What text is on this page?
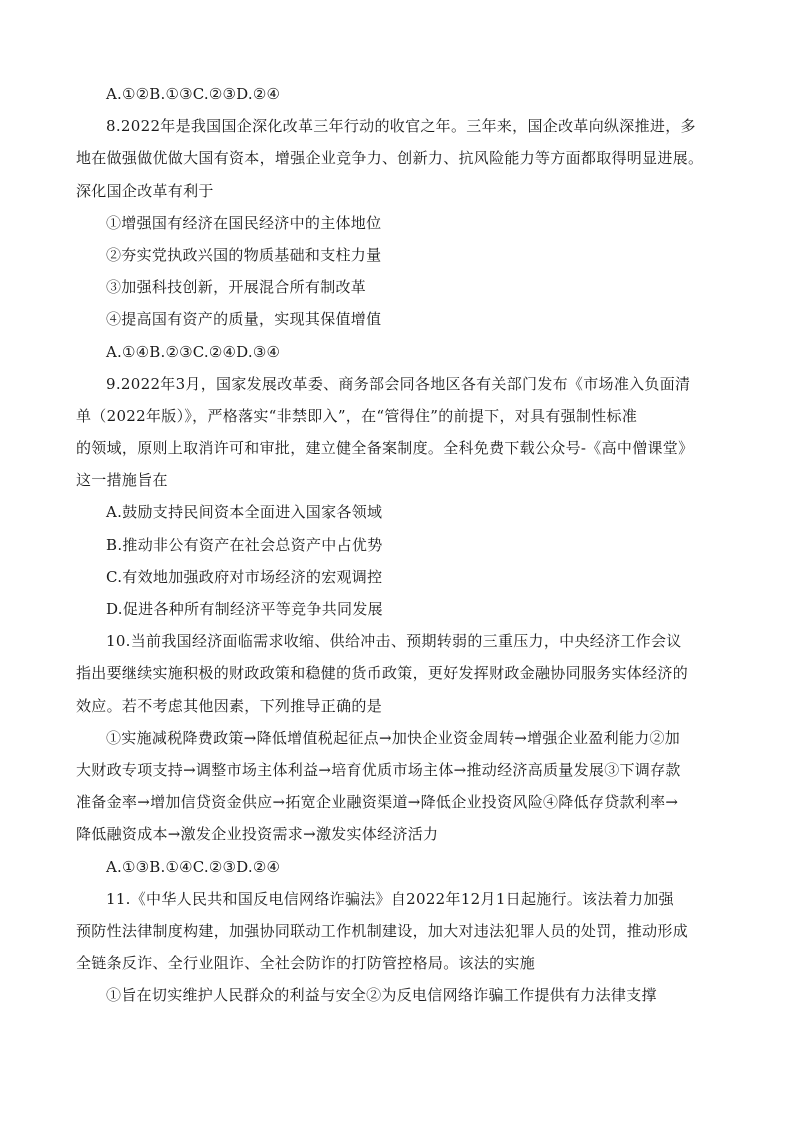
A.①②B.①③C.②③D.②④
8.2022年是我国国企深化改革三年行动的收官之年。三年来，国企改革向纵深推进，多
地在做强做优做大国有资本，增强企业竞争力、创新力、抗风险能力等方面都取得明显进展。
深化国企改革有利于
①增强国有经济在国民经济中的主体地位
②夯实党执政兴国的物质基础和支柱力量
③加强科技创新，开展混合所有制改革
④提高国有资产的质量，实现其保值增值
A.①④B.②③C.②④D.③④
9.2022年3月，国家发展改革委、商务部会同各地区各有关部门发布《市场准入负面清
单（2022年版）》，严格落实“非禁即入”，在“管得住”的前提下，对具有强制性标准
的领域，原则上取消许可和审批，建立健全备案制度。全科免费下载公众号-《高中僧课堂》
这一措施旨在
A.鼓励支持民间资本全面进入国家各领域
B.推动非公有资产在社会总资产中占优势
C.有效地加强政府对市场经济的宏观调控
D.促进各种所有制经济平等竞争共同发展
10.当前我国经济面临需求收缩、供给冲击、预期转弱的三重压力，中央经济工作会议
指出要继续实施积极的财政政策和稳健的货币政策，更好发挥财政金融协同服务实体经济的
效应。若不考虑其他因素，下列推导正确的是
①实施减税降费政策→降低增值税起征点→加快企业资金周转→增强企业盈利能力②加
大财政专项支持→调整市场主体利益→培育优质市场主体→推动经济高质量发展③下调存款
准备金率→增加信贷资金供应→拓宽企业融资渠道→降低企业投资风险④降低存贷款利率→
降低融资成本→激发企业投资需求→激发实体经济活力
A.①③B.①④C.②③D.②④
11.《中华人民共和国反电信网络诈骗法》自2022年12月1日起施行。该法着力加强
预防性法律制度构建，加强协同联动工作机制建设，加大对违法犯罪人员的处罚，推动形成
全链条反诈、全行业阻诈、全社会防诈的打防管控格局。该法的实施
①旨在切实维护人民群众的利益与安全②为反电信网络诈骗工作提供有力法律支撑
